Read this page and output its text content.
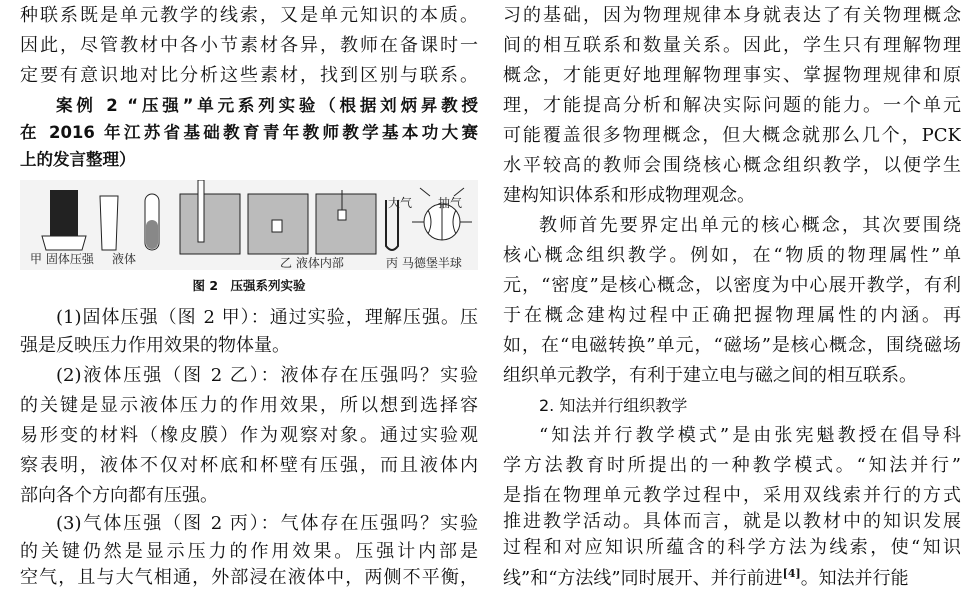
种联系既是单元教学的线索，又是单元知识的本质。
因此，尽管教材中各小节素材各异，教师在备课时一
定要有意识地对比分析这些素材，找到区别与联系。
案例 2 “压强”单元系列实验（根据刘炳昇教授
在 2016 年江苏省基础教育青年教师教学基本功大赛
上的发言整理）
甲 固体压强 液体	乙 液体内部
大气 抽气
丙 马德堡半球
图 2　压强系列实验
(1)固体压强（图 2 甲）：通过实验，理解压强。压
强是反映压力作用效果的物体量。
(2)液体压强（图 2 乙）：液体存在压强吗？实验
的关键是显示液体压力的作用效果，所以想到选择容
易形变的材料（橡皮膜）作为观察对象。通过实验观
察表明，液体不仅对杯底和杯壁有压强，而且液体内
部向各个方向都有压强。
(3)气体压强（图 2 丙）：气体存在压强吗？实验
的关键仍然是显示压力的作用效果。压强计内部是
空气，且与大气相通，外部浸在液体中，两侧不平衡，
习的基础，因为物理规律本身就表达了有关物理概念
间的相互联系和数量关系。因此，学生只有理解物理
概念，才能更好地理解物理事实、掌握物理规律和原
理，才能提高分析和解决实际问题的能力。一个单元
可能覆盖很多物理概念，但大概念就那么几个，PCK
水平较高的教师会围绕核心概念组织教学，以便学生
建构知识体系和形成物理观念。
教师首先要界定出单元的核心概念，其次要围绕
核心概念组织教学。例如，在“物质的物理属性”单
元，“密度”是核心概念，以密度为中心展开教学，有利
于在概念建构过程中正确把握物理属性的内涵。再
如，在“电磁转换”单元，“磁场”是核心概念，围绕磁场
组织单元教学，有利于建立电与磁之间的相互联系。
2. 知法并行组织教学
“知法并行教学模式”是由张宪魁教授在倡导科
学方法教育时所提出的一种教学模式。“知法并行”
是指在物理单元教学过程中，采用双线索并行的方式
推进教学活动。具体而言，就是以教材中的知识发展
过程和对应知识所蕴含的科学方法为线索，使“知识
线”和“方法线”同时展开、并行前进[4]。知法并行能
